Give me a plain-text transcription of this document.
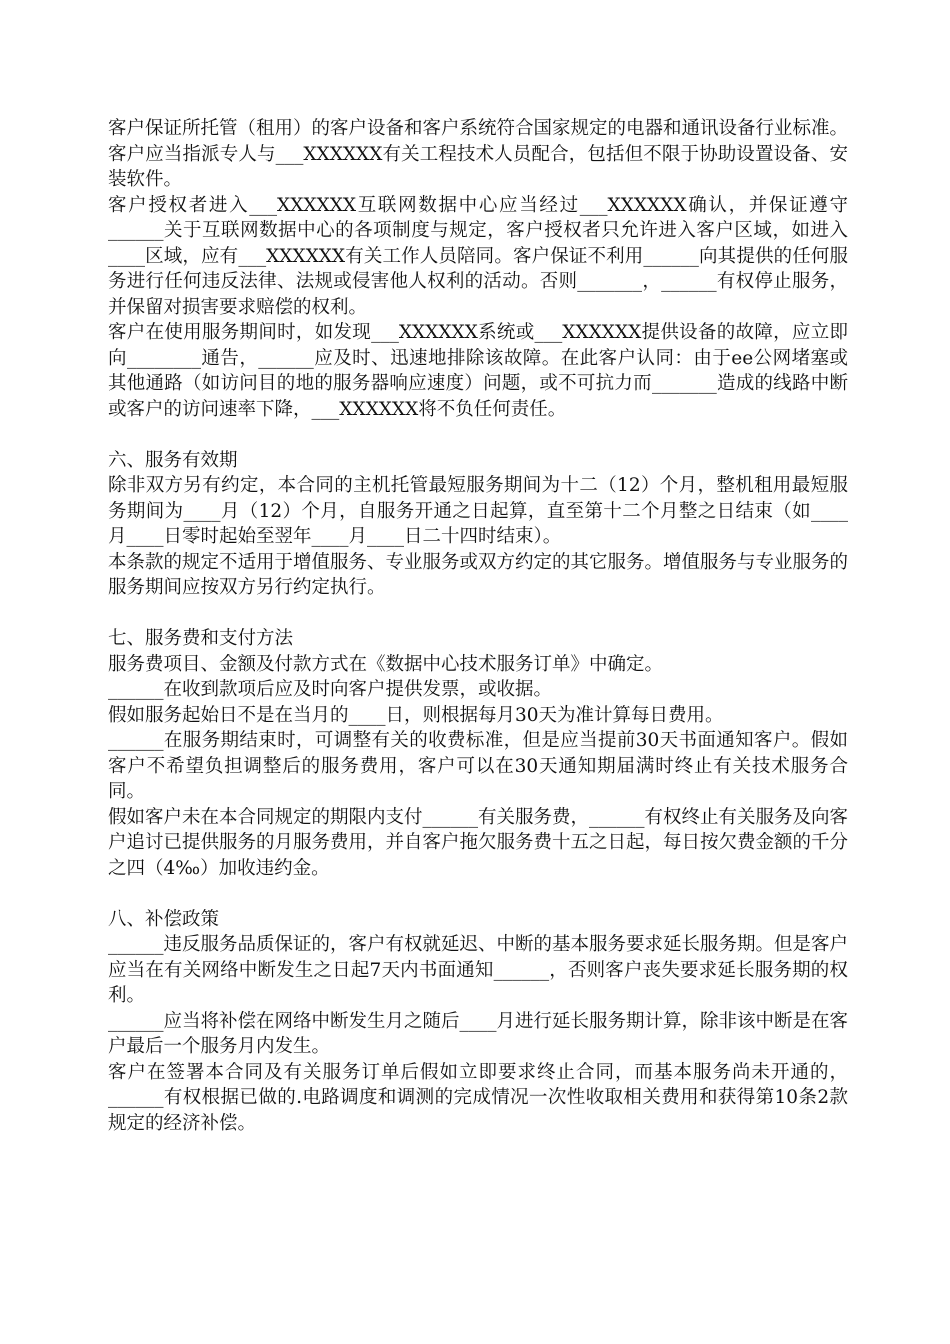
客户保证所托管（租用）的客户设备和客户系统符合国家规定的电器和通讯设备行业标准。

客户应当指派专人与___XXXXXX有关工程技术人员配合，包括但不限于协助设置设备、安装软件。

客户授权者进入___XXXXXX互联网数据中心应当经过___XXXXXX确认，并保证遵守______关于互联网数据中心的各项制度与规定，客户授权者只允许进入客户区域，如进入____区域，应有___XXXXXX有关工作人员陪同。客户保证不利用______向其提供的任何服务进行任何违反法律、法规或侵害他人权利的活动。否则_______，______有权停止服务，并保留对损害要求赔偿的权利。

客户在使用服务期间时，如发现___XXXXXX系统或___XXXXXX提供设备的故障，应立即向________通告，______应及时、迅速地排除该故障。在此客户认同：由于ee公网堵塞或其他通路（如访问目的地的服务器响应速度）问题，或不可抗力而_______造成的线路中断或客户的访问速率下降，___XXXXXX将不负任何责任。

六、服务有效期

除非双方另有约定，本合同的主机托管最短服务期间为十二（12）个月，整机租用最短服务期间为____月（12）个月，自服务开通之日起算，直至第十二个月整之日结束（如____月____日零时起始至翌年____月____日二十四时结束）。

本条款的规定不适用于增值服务、专业服务或双方约定的其它服务。增值服务与专业服务的服务期间应按双方另行约定执行。

七、服务费和支付方法

服务费项目、金额及付款方式在《数据中心技术服务订单》中确定。

______在收到款项后应及时向客户提供发票，或收据。

假如服务起始日不是在当月的____日，则根据每月30天为准计算每日费用。

______在服务期结束时，可调整有关的收费标准，但是应当提前30天书面通知客户。假如客户不希望负担调整后的服务费用，客户可以在30天通知期届满时终止有关技术服务合同。

假如客户未在本合同规定的期限内支付______有关服务费，______有权终止有关服务及向客户追讨已提供服务的月服务费用，并自客户拖欠服务费十五之日起，每日按欠费金额的千分之四（4‰）加收违约金。

八、补偿政策

______违反服务品质保证的，客户有权就延迟、中断的基本服务要求延长服务期。但是客户应当在有关网络中断发生之日起7天内书面通知______，否则客户丧失要求延长服务期的权利。

______应当将补偿在网络中断发生月之随后____月进行延长服务期计算，除非该中断是在客户最后一个服务月内发生。

客户在签署本合同及有关服务订单后假如立即要求终止合同，而基本服务尚未开通的，______有权根据已做的.电路调度和调测的完成情况一次性收取相关费用和获得第10条2款规定的经济补偿。
